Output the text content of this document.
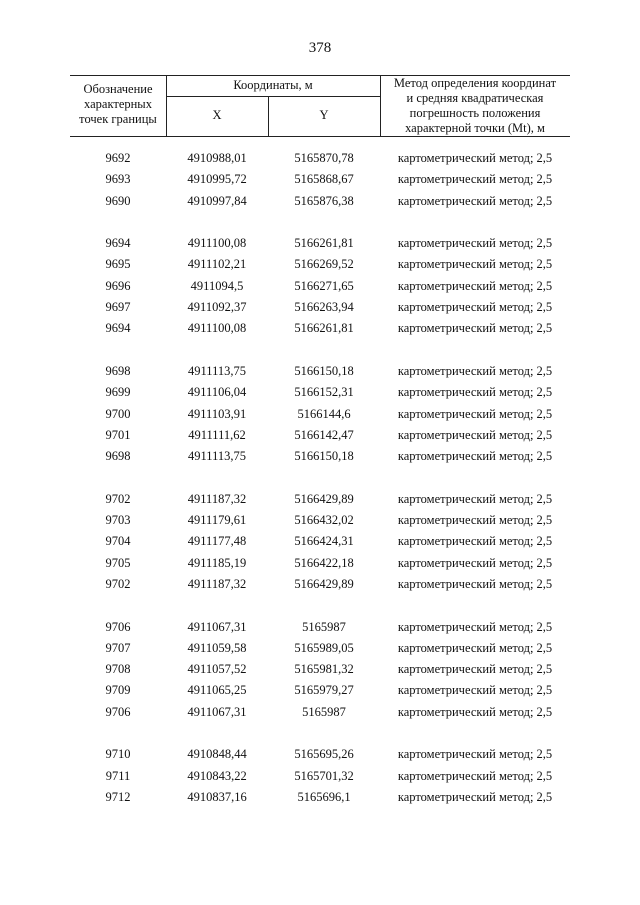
378
Обозначение
характерных
точек границы
Координаты, м
X	Y
Метод определения координат
и средняя квадратическая
погрешность положения
характерной точки (Mt), м
9692	4910988,01	5165870,78	картометрический метод; 2,5
9693	4910995,72	5165868,67	картометрический метод; 2,5
9690	4910997,84	5165876,38	картометрический метод; 2,5
9694	4911100,08	5166261,81	картометрический метод; 2,5
9695	4911102,21	5166269,52	картометрический метод; 2,5
9696	4911094,5	5166271,65	картометрический метод; 2,5
9697	4911092,37	5166263,94	картометрический метод; 2,5
9694	4911100,08	5166261,81	картометрический метод; 2,5
9698	4911113,75	5166150,18	картометрический метод; 2,5
9699	4911106,04	5166152,31	картометрический метод; 2,5
9700	4911103,91	5166144,6	картометрический метод; 2,5
9701	4911111,62	5166142,47	картометрический метод; 2,5
9698	4911113,75	5166150,18	картометрический метод; 2,5
9702	4911187,32	5166429,89	картометрический метод; 2,5
9703	4911179,61	5166432,02	картометрический метод; 2,5
9704	4911177,48	5166424,31	картометрический метод; 2,5
9705	4911185,19	5166422,18	картометрический метод; 2,5
9702	4911187,32	5166429,89	картометрический метод; 2,5
9706	4911067,31	5165987	картометрический метод; 2,5
9707	4911059,58	5165989,05	картометрический метод; 2,5
9708	4911057,52	5165981,32	картометрический метод; 2,5
9709	4911065,25	5165979,27	картометрический метод; 2,5
9706	4911067,31	5165987	картометрический метод; 2,5
9710	4910848,44	5165695,26	картометрический метод; 2,5
9711	4910843,22	5165701,32	картометрический метод; 2,5
9712	4910837,16	5165696,1	картометрический метод; 2,5
